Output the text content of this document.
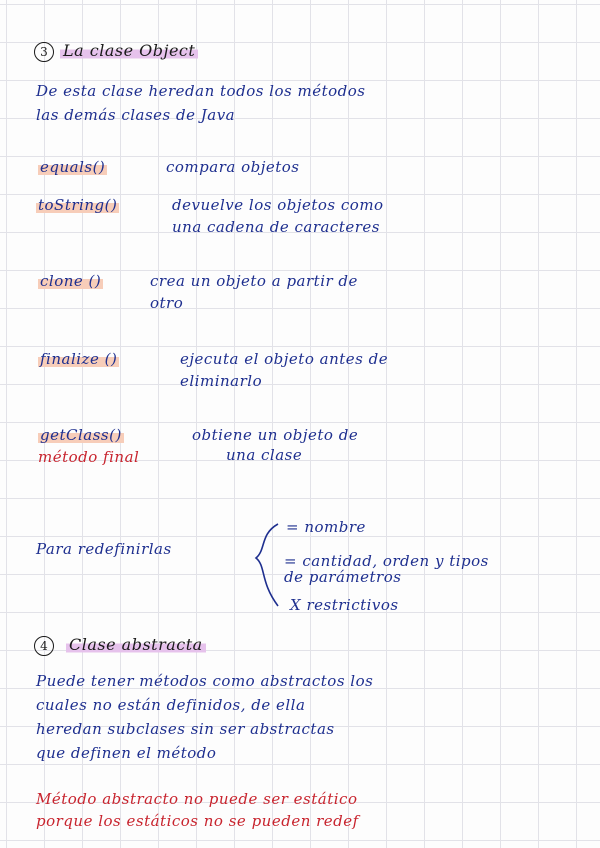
3 La clase Object
De esta clase heredan todos los métodos
las demás clases de Java
equals()	compara objetos
toString()	devuelve los objetos como
una cadena de caracteres
clone ()	crea un objeto a partir de
otro
finalize ()	ejecuta el objeto antes de
eliminarlo
getClass()	obtiene un objeto de
una clase
método final
Para redefinirlas
= nombre
= cantidad, orden y tipos
de parámetros
X restrictivos
4	Clase abstracta
Puede tener métodos como abstractos los
cuales no están definidos, de ella
heredan subclases sin ser abstractas
que definen el método
Método abstracto no puede ser estático
porque los estáticos no se pueden redef
